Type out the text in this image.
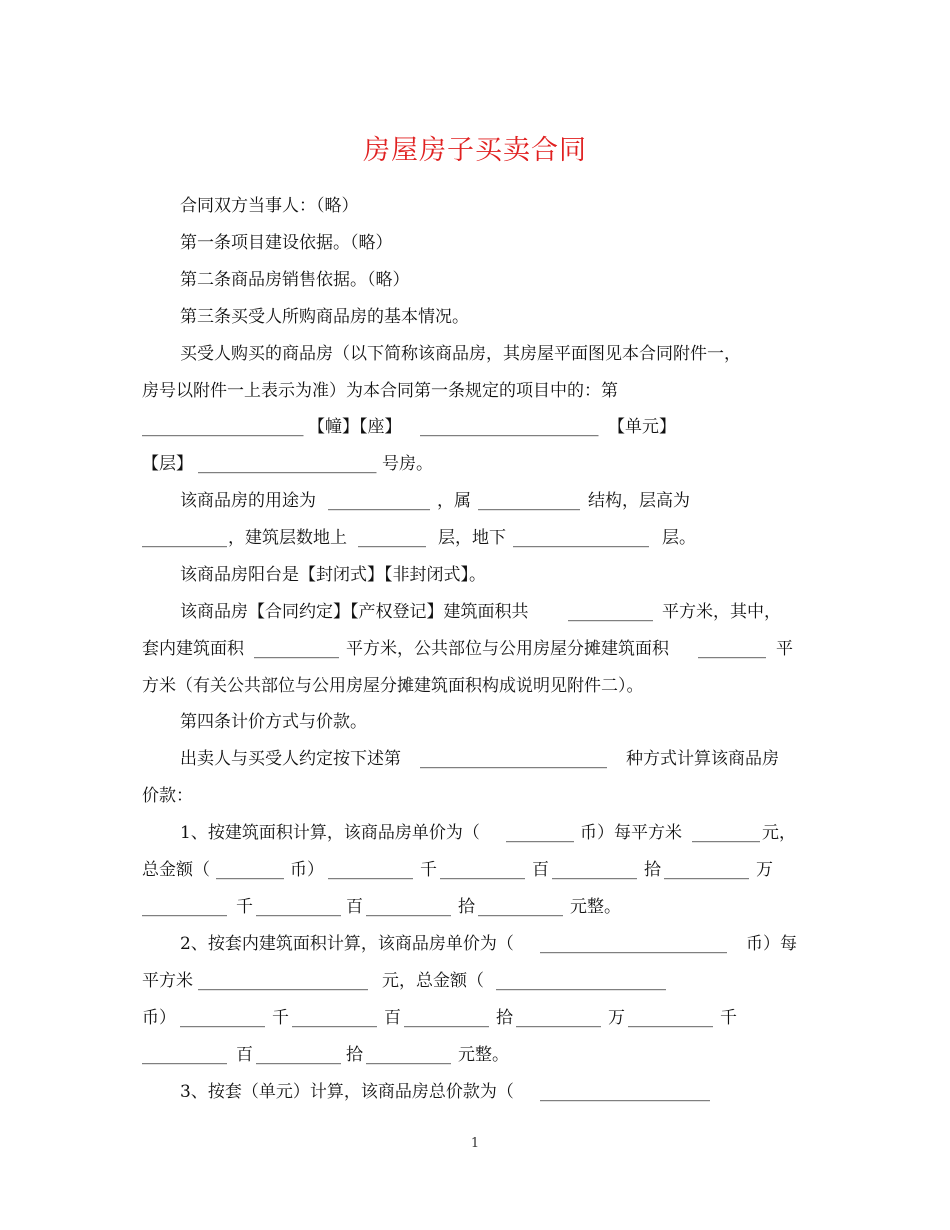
房屋房子买卖合同
合同双方当事人：（略）
第一条项目建设依据。（略）
第二条商品房销售依据。（略）
第三条买受人所购商品房的基本情况。
买受人购买的商品房（以下简称该商品房，其房屋平面图见本合同附件一，
房号以附件一上表示为准）为本合同第一条规定的项目中的：第
___________________ 【幢】【座】 _____________________ 【单元】
【层】 _____________________ 号房。
该商品房的用途为 ____________ ，属 ____________ 结构，层高为
__________ ，建筑层数地上 ________ 层，地下 ________________ 层。
该商品房阳台是【封闭式】【非封闭式】。
该商品房【合同约定】【产权登记】建筑面积共 __________ 平方米，其中，
套内建筑面积 __________ 平方米，公共部位与公用房屋分摊建筑面积 ________ 平
方米（有关公共部位与公用房屋分摊建筑面积构成说明见附件二）。
第四条计价方式与价款。
出卖人与买受人约定按下述第 ______________________ 种方式计算该商品房
价款：
1、按建筑面积计算，该商品房单价为（ ________ 币）每平方米 ________ 元，
总金额（ ________ 币） __________ 千 __________ 百 __________ 拾 __________ 万
__________ 千 __________ 百 __________ 拾 __________ 元整。
2、按套内建筑面积计算，该商品房单价为（ ______________________ 币）每
平方米 ____________________ 元，总金额（ ____________________
币） __________ 千 __________ 百 __________ 拾 __________ 万 __________ 千
__________ 百 __________ 拾 __________ 元整。
3、按套（单元）计算，该商品房总价款为（ ____________________
1
